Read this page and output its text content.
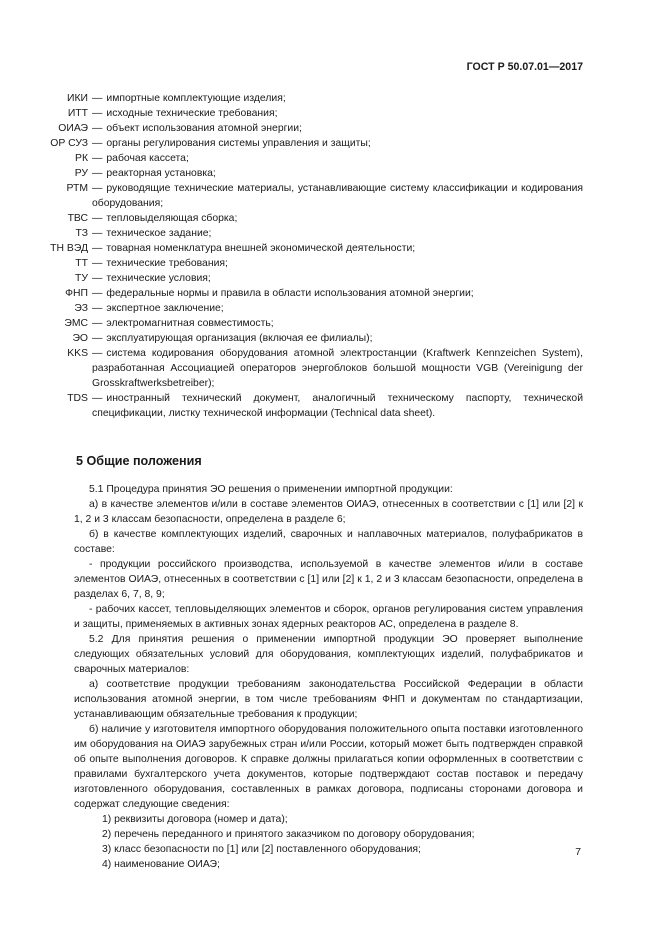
ГОСТ Р 50.07.01—2017
ИКИ — импортные комплектующие изделия;
ИТТ — исходные технические требования;
ОИАЭ — объект использования атомной энергии;
ОР СУЗ — органы регулирования системы управления и защиты;
РК — рабочая кассета;
РУ — реакторная установка;
РТМ — руководящие технические материалы, устанавливающие систему классификации и кодирования оборудования;
ТВС — тепловыделяющая сборка;
ТЗ — техническое задание;
ТН ВЭД — товарная номенклатура внешней экономической деятельности;
ТТ — технические требования;
ТУ — технические условия;
ФНП — федеральные нормы и правила в области использования атомной энергии;
ЭЗ — экспертное заключение;
ЭМС — электромагнитная совместимость;
ЭО — эксплуатирующая организация (включая ее филиалы);
KKS — система кодирования оборудования атомной электростанции (Kraftwerk Kennzeichen System), разработанная Ассоциацией операторов энергоблоков большой мощности VGB (Vereinigung der Grosskraftwerksbetreiber);
TDS — иностранный технический документ, аналогичный техническому паспорту, технической спецификации, листку технической информации (Technical data sheet).
5 Общие положения

5.1 Процедура принятия ЭО решения о применении импортной продукции:

а) в качестве элементов и/или в составе элементов ОИАЭ, отнесенных в соответствии с [1] или [2] к 1, 2 и 3 классам безопасности, определена в разделе 6;

б) в качестве комплектующих изделий, сварочных и наплавочных материалов, полуфабрикатов в составе:

- продукции российского производства, используемой в качестве элементов и/или в составе элементов ОИАЭ, отнесенных в соответствии с [1] или [2] к 1, 2 и 3 классам безопасности, определена в разделах 6, 7, 8, 9;

- рабочих кассет, тепловыделяющих элементов и сборок, органов регулирования систем управления и защиты, применяемых в активных зонах ядерных реакторов АС, определена в разделе 8.

5.2 Для принятия решения о применении импортной продукции ЭО проверяет выполнение следующих обязательных условий для оборудования, комплектующих изделий, полуфабрикатов и сварочных материалов:

а) соответствие продукции требованиям законодательства Российской Федерации в области использования атомной энергии, в том числе требованиям ФНП и документам по стандартизации, устанавливающим обязательные требования к продукции;

б) наличие у изготовителя импортного оборудования положительного опыта поставки изготовленного им оборудования на ОИАЭ зарубежных стран и/или России, который может быть подтвержден справкой об опыте выполнения договоров. К справке должны прилагаться копии оформленных в соответствии с правилами бухгалтерского учета документов, которые подтверждают состав поставок и передачу изготовленного оборудования, составленных в рамках договора, подписаны сторонами договора и содержат следующие сведения:

1) реквизиты договора (номер и дата);

2) перечень переданного и принятого заказчиком по договору оборудования;

3) класс безопасности по [1] или [2] поставленного оборудования;

4) наименование ОИАЭ;

7
